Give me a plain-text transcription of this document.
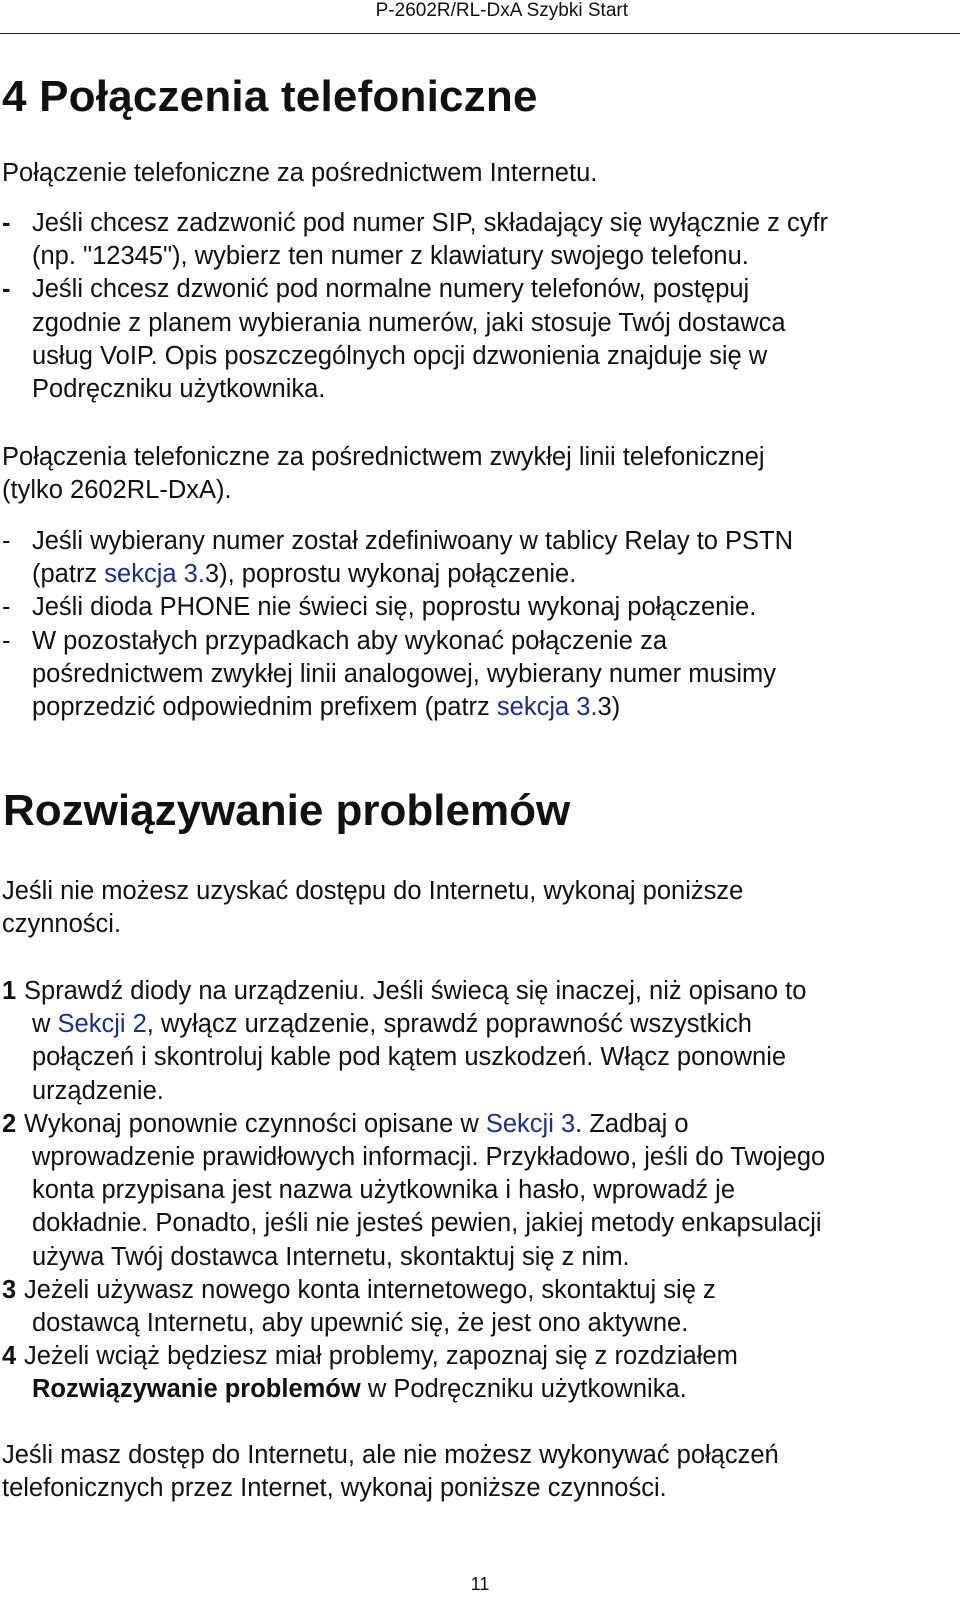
P-2602R/RL-DxA Szybki Start
4 Połączenia telefoniczne
Połączenie telefoniczne za pośrednictwem Internetu.
- Jeśli chcesz zadzwonić pod numer SIP, składający się wyłącznie z cyfr
(np. "12345"), wybierz ten numer z klawiatury swojego telefonu.
- Jeśli chcesz dzwonić pod normalne numery telefonów, postępuj
zgodnie z planem wybierania numerów, jaki stosuje Twój dostawca
usług VoIP. Opis poszczególnych opcji dzwonienia znajduje się w
Podręczniku użytkownika.
Połączenia telefoniczne za pośrednictwem zwykłej linii telefonicznej
(tylko 2602RL-DxA).
- Jeśli wybierany numer został zdefiniwoany w tablicy Relay to PSTN
(patrz sekcja 3.3), poprostu wykonaj połączenie.
- Jeśli dioda PHONE nie świeci się, poprostu wykonaj połączenie.
- W pozostałych przypadkach aby wykonać połączenie za
pośrednictwem zwykłej linii analogowej, wybierany numer musimy
poprzedzić odpowiednim prefixem (patrz sekcja 3.3)
Rozwiązywanie problemów
Jeśli nie możesz uzyskać dostępu do Internetu, wykonaj poniższe
czynności.
1 Sprawdź diody na urządzeniu. Jeśli świecą się inaczej, niż opisano to
w Sekcji 2, wyłącz urządzenie, sprawdź poprawność wszystkich
połączeń i skontroluj kable pod kątem uszkodzeń. Włącz ponownie
urządzenie.
2 Wykonaj ponownie czynności opisane w Sekcji 3. Zadbaj o
wprowadzenie prawidłowych informacji. Przykładowo, jeśli do Twojego
konta przypisana jest nazwa użytkownika i hasło, wprowadź je
dokładnie. Ponadto, jeśli nie jesteś pewien, jakiej metody enkapsulacji
używa Twój dostawca Internetu, skontaktuj się z nim.
3 Jeżeli używasz nowego konta internetowego, skontaktuj się z
dostawcą Internetu, aby upewnić się, że jest ono aktywne.
4 Jeżeli wciąż będziesz miał problemy, zapoznaj się z rozdziałem
Rozwiązywanie problemów w Podręczniku użytkownika.
Jeśli masz dostęp do Internetu, ale nie możesz wykonywać połączeń
telefonicznych przez Internet, wykonaj poniższe czynności.
11
